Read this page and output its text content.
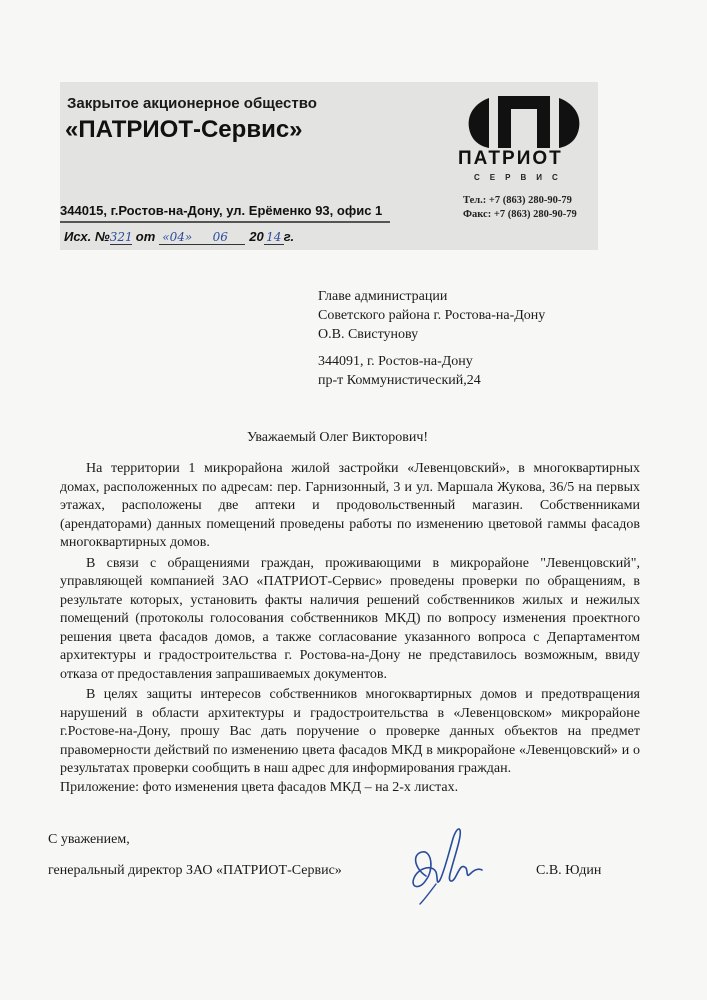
Закрытое акционерное общество
«ПАТРИОТ-Сервис»
ПАТРИОТ
СЕРВИС
344015, г.Ростов-на-Дону, ул. Ерёменко 93, офис 1
Тел.: +7 (863) 280-90-79
Факс: +7 (863) 280-90-79
Исх. № 321 от «04»	06	20 14 г.
Главе администрации
Советского района г. Ростова-на-Дону
О.В. Свистунову
344091, г. Ростов-на-Дону
пр-т Коммунистический,24
Уважаемый Олег Викторович!

На территории 1 микрорайона жилой застройки «Левенцовский», в многоквартирных домах, расположенных по адресам: пер. Гарнизонный, 3 и ул. Маршала Жукова, 36/5 на первых этажах, расположены две аптеки и продовольственный магазин. Собственниками (арендаторами) данных помещений проведены работы по изменению цветовой гаммы фасадов многоквартирных домов.

В связи с обращениями граждан, проживающими в микрорайоне "Левенцовский", управляющей компанией ЗАО «ПАТРИОТ-Сервис» проведены проверки по обращениям, в результате которых, установить факты наличия решений собственников жилых и нежилых помещений (протоколы голосования собственников МКД) по вопросу изменения проектного решения цвета фасадов домов, а также согласование указанного вопроса с Департаментом архитектуры и градостроительства г. Ростова-на-Дону не представилось возможным, ввиду отказа от предоставления запрашиваемых документов.

В целях защиты интересов собственников многоквартирных домов и предотвращения нарушений в области архитектуры и градостроительства в «Левенцовском» микрорайоне г.Ростове-на-Дону, прошу Вас дать поручение о проверке данных объектов на предмет правомерности действий по изменению цвета фасадов МКД в микрорайоне «Левенцовский» и о результатах проверки сообщить в наш адрес для информирования граждан.

Приложение: фото изменения цвета фасадов МКД – на 2-х листах.
С уважением,
генеральный директор ЗАО «ПАТРИОТ-Сервис»	С.В. Юдин
